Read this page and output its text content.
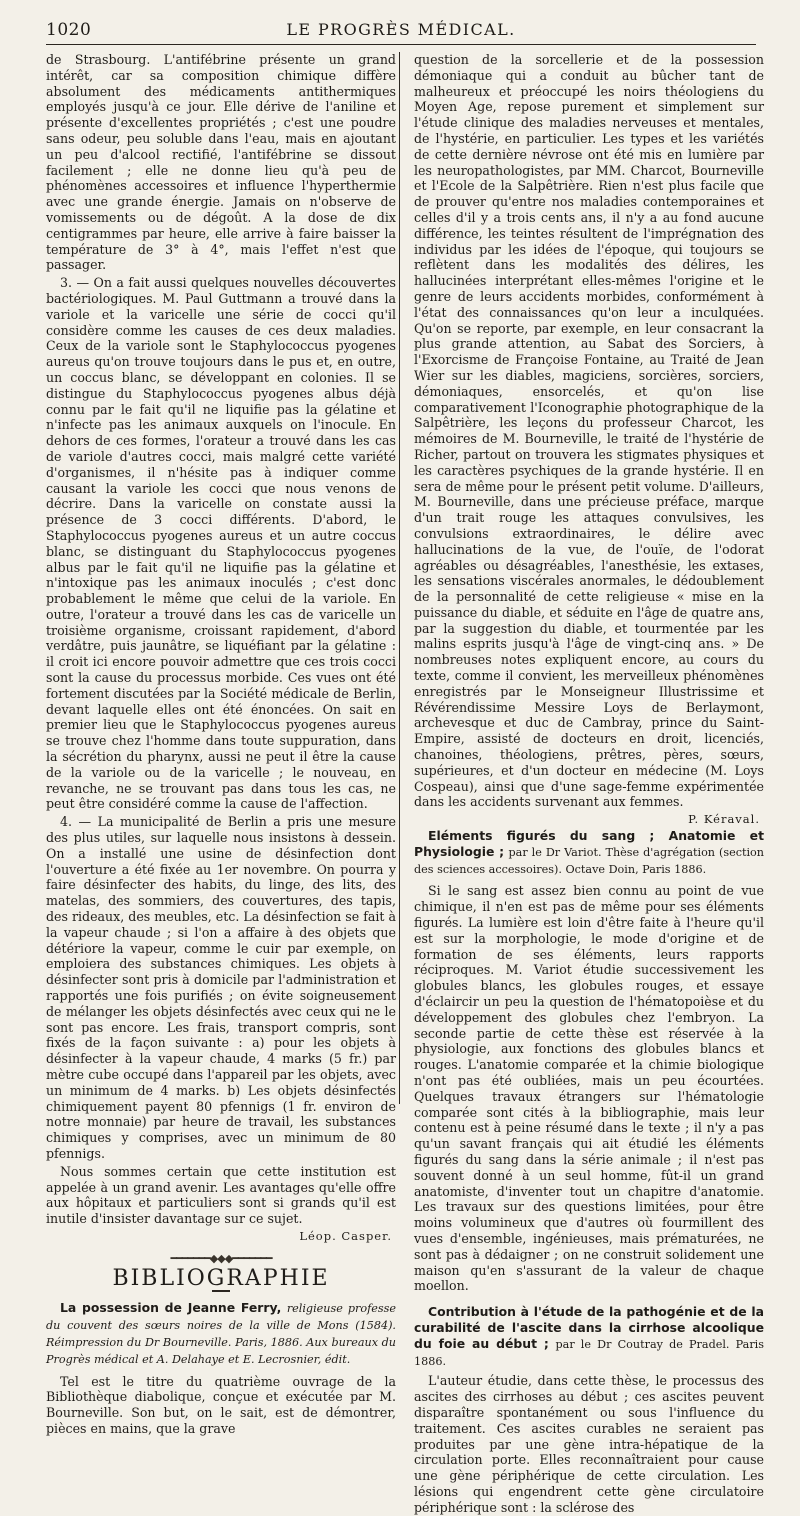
1020	LE PROGRÈS MÉDICAL.

de Strasbourg. L'antifébrine présente un grand intérêt, car sa composition chimique diffère absolument des médicaments antithermiques employés jusqu'à ce jour. Elle dérive de l'aniline et présente d'excellentes propriétés ; c'est une poudre sans odeur, peu soluble dans l'eau, mais en ajoutant un peu d'alcool rectifié, l'antifébrine se dissout facilement ; elle ne donne lieu qu'à peu de phénomènes accessoires et influence l'hyperthermie avec une grande énergie. Jamais on n'observe de vomissements ou de dégoût. A la dose de dix centigrammes par heure, elle arrive à faire baisser la température de 3° à 4°, mais l'effet n'est que passager.

3. — On a fait aussi quelques nouvelles découvertes bactériologiques. M. Paul Guttmann a trouvé dans la variole et la varicelle une série de cocci qu'il considère comme les causes de ces deux maladies. Ceux de la variole sont le Staphylococcus pyogenes aureus qu'on trouve toujours dans le pus et, en outre, un coccus blanc, se développant en colonies. Il se distingue du Staphylococcus pyogenes albus déjà connu par le fait qu'il ne liquifie pas la gélatine et n'infecte pas les animaux auxquels on l'inocule. En dehors de ces formes, l'orateur a trouvé dans les cas de variole d'autres cocci, mais malgré cette variété d'organismes, il n'hésite pas à indiquer comme causant la variole les cocci que nous venons de décrire. Dans la varicelle on constate aussi la présence de 3 cocci différents. D'abord, le Staphylococcus pyogenes aureus et un autre coccus blanc, se distinguant du Staphylococcus pyogenes albus par le fait qu'il ne liquifie pas la gélatine et n'intoxique pas les animaux inoculés ; c'est donc probablement le même que celui de la variole. En outre, l'orateur a trouvé dans les cas de varicelle un troisième organisme, croissant rapidement, d'abord verdâtre, puis jaunâtre, se liquéfiant par la gélatine : il croit ici encore pouvoir admettre que ces trois cocci sont la cause du processus morbide. Ces vues ont été fortement discutées par la Société médicale de Berlin, devant laquelle elles ont été énoncées. On sait en premier lieu que le Staphylococcus pyogenes aureus se trouve chez l'homme dans toute suppuration, dans la sécrétion du pharynx, aussi ne peut il être la cause de la variole ou de la varicelle ; le nouveau, en revanche, ne se trouvant pas dans tous les cas, ne peut être considéré comme la cause de l'affection.

4. — La municipalité de Berlin a pris une mesure des plus utiles, sur laquelle nous insistons à dessein. On a installé une usine de désinfection dont l'ouverture a été fixée au 1er novembre. On pourra y faire désinfecter des habits, du linge, des lits, des matelas, des sommiers, des couvertures, des tapis, des rideaux, des meubles, etc. La désinfection se fait à la vapeur chaude ; si l'on a affaire à des objets que détériore la vapeur, comme le cuir par exemple, on emploiera des substances chimiques. Les objets à désinfecter sont pris à domicile par l'administration et rapportés une fois purifiés ; on évite soigneusement de mélanger les objets désinfectés avec ceux qui ne le sont pas encore. Les frais, transport compris, sont fixés de la façon suivante : a) pour les objets à désinfecter à la vapeur chaude, 4 marks (5 fr.) par mètre cube occupé dans l'appareil par les objets, avec un minimum de 4 marks. b) Les objets désinfectés chimiquement payent 80 pfennigs (1 fr. environ de notre monnaie) par heure de travail, les substances chimiques y comprises, avec un minimum de 80 pfennigs.

Nous sommes certain que cette institution est appelée à un grand avenir. Les avantages qu'elle offre aux hôpitaux et particuliers sont si grands qu'il est inutile d'insister davantage sur ce sujet.

Léop. Casper.
━━━━━━━◆◆◆━━━━━━━
BIBLIOGRAPHIE

La possession de Jeanne Ferry, religieuse professe du couvent des sœurs noires de la ville de Mons (1584). Réimpression du Dr Bourneville. Paris, 1886. Aux bureaux du Progrès médical et A. Delahaye et E. Lecrosnier, édit.

Tel est le titre du quatrième ouvrage de la Bibliothèque diabolique, conçue et exécutée par M. Bourneville. Son but, on le sait, est de démontrer, pièces en mains, que la grave

question de la sorcellerie et de la possession démoniaque qui a conduit au bûcher tant de malheureux et préoccupé les noirs théologiens du Moyen Age, repose purement et simplement sur l'étude clinique des maladies nerveuses et mentales, de l'hystérie, en particulier. Les types et les variétés de cette dernière névrose ont été mis en lumière par les neuropathologistes, par MM. Charcot, Bourneville et l'Ecole de la Salpêtrière. Rien n'est plus facile que de prouver qu'entre nos maladies contemporaines et celles d'il y a trois cents ans, il n'y a au fond aucune différence, les teintes résultent de l'imprégnation des individus par les idées de l'époque, qui toujours se reflètent dans les modalités des délires, les hallucinées interprétant elles-mêmes l'origine et le genre de leurs accidents morbides, conformément à l'état des connaissances qu'on leur a inculquées. Qu'on se reporte, par exemple, en leur consacrant la plus grande attention, au Sabat des Sorciers, à l'Exorcisme de Françoise Fontaine, au Traité de Jean Wier sur les diables, magiciens, sorcières, sorciers, démoniaques, ensorcelés, et qu'on lise comparativement l'Iconographie photographique de la Salpêtrière, les leçons du professeur Charcot, les mémoires de M. Bourneville, le traité de l'hystérie de Richer, partout on trouvera les stigmates physiques et les caractères psychiques de la grande hystérie. Il en sera de même pour le présent petit volume. D'ailleurs, M. Bourneville, dans une précieuse préface, marque d'un trait rouge les attaques convulsives, les convulsions extraordinaires, le délire avec hallucinations de la vue, de l'ouïe, de l'odorat agréables ou désagréables, l'anesthésie, les extases, les sensations viscérales anormales, le dédoublement de la personnalité de cette religieuse « mise en la puissance du diable, et séduite en l'âge de quatre ans, par la suggestion du diable, et tourmentée par les malins esprits jusqu'à l'âge de vingt-cinq ans. » De nombreuses notes expliquent encore, au cours du texte, comme il convient, les merveilleux phénomènes enregistrés par le Monseigneur Illustrissime et Révérendissime Messire Loys de Berlaymont, archevesque et duc de Cambray, prince du Saint-Empire, assisté de docteurs en droit, licenciés, chanoines, théologiens, prêtres, pères, sœurs, supérieures, et d'un docteur en médecine (M. Loys Cospeau), ainsi que d'une sage-femme expérimentée dans les accidents survenant aux femmes.

P. Kéraval.

Eléments figurés du sang ; Anatomie et Physiologie ; par le Dr Variot. Thèse d'agrégation (section des sciences accessoires). Octave Doin, Paris 1886.

Si le sang est assez bien connu au point de vue chimique, il n'en est pas de même pour ses éléments figurés. La lumière est loin d'être faite à l'heure qu'il est sur la morphologie, le mode d'origine et de formation de ses éléments, leurs rapports réciproques. M. Variot étudie successivement les globules blancs, les globules rouges, et essaye d'éclaircir un peu la question de l'hématopoièse et du développement des globules chez l'embryon. La seconde partie de cette thèse est réservée à la physiologie, aux fonctions des globules blancs et rouges. L'anatomie comparée et la chimie biologique n'ont pas été oubliées, mais un peu écourtées. Quelques travaux étrangers sur l'hématologie comparée sont cités à la bibliographie, mais leur contenu est à peine résumé dans le texte ; il n'y a pas qu'un savant français qui ait étudié les éléments figurés du sang dans la série animale ; il n'est pas souvent donné à un seul homme, fût-il un grand anatomiste, d'inventer tout un chapitre d'anatomie. Les travaux sur des questions limitées, pour être moins volumineux que d'autres où fourmillent des vues d'ensemble, ingénieuses, mais prématurées, ne sont pas à dédaigner ; on ne construit solidement une maison qu'en s'assurant de la valeur de chaque moellon.

Contribution à l'étude de la pathogénie et de la curabilité de l'ascite dans la cirrhose alcoolique du foie au début ; par le Dr Coutray de Pradel. Paris 1886.

L'auteur étudie, dans cette thèse, le processus des ascites des cirrhoses au début ; ces ascites peuvent disparaître spontanément ou sous l'influence du traitement. Ces ascites curables ne seraient pas produites par une gène intra-hépatique de la circulation porte. Elles reconnaîtraient pour cause une gène périphérique de cette circulation. Les lésions qui engendrent cette gène circulatoire périphérique sont : la sclérose des
